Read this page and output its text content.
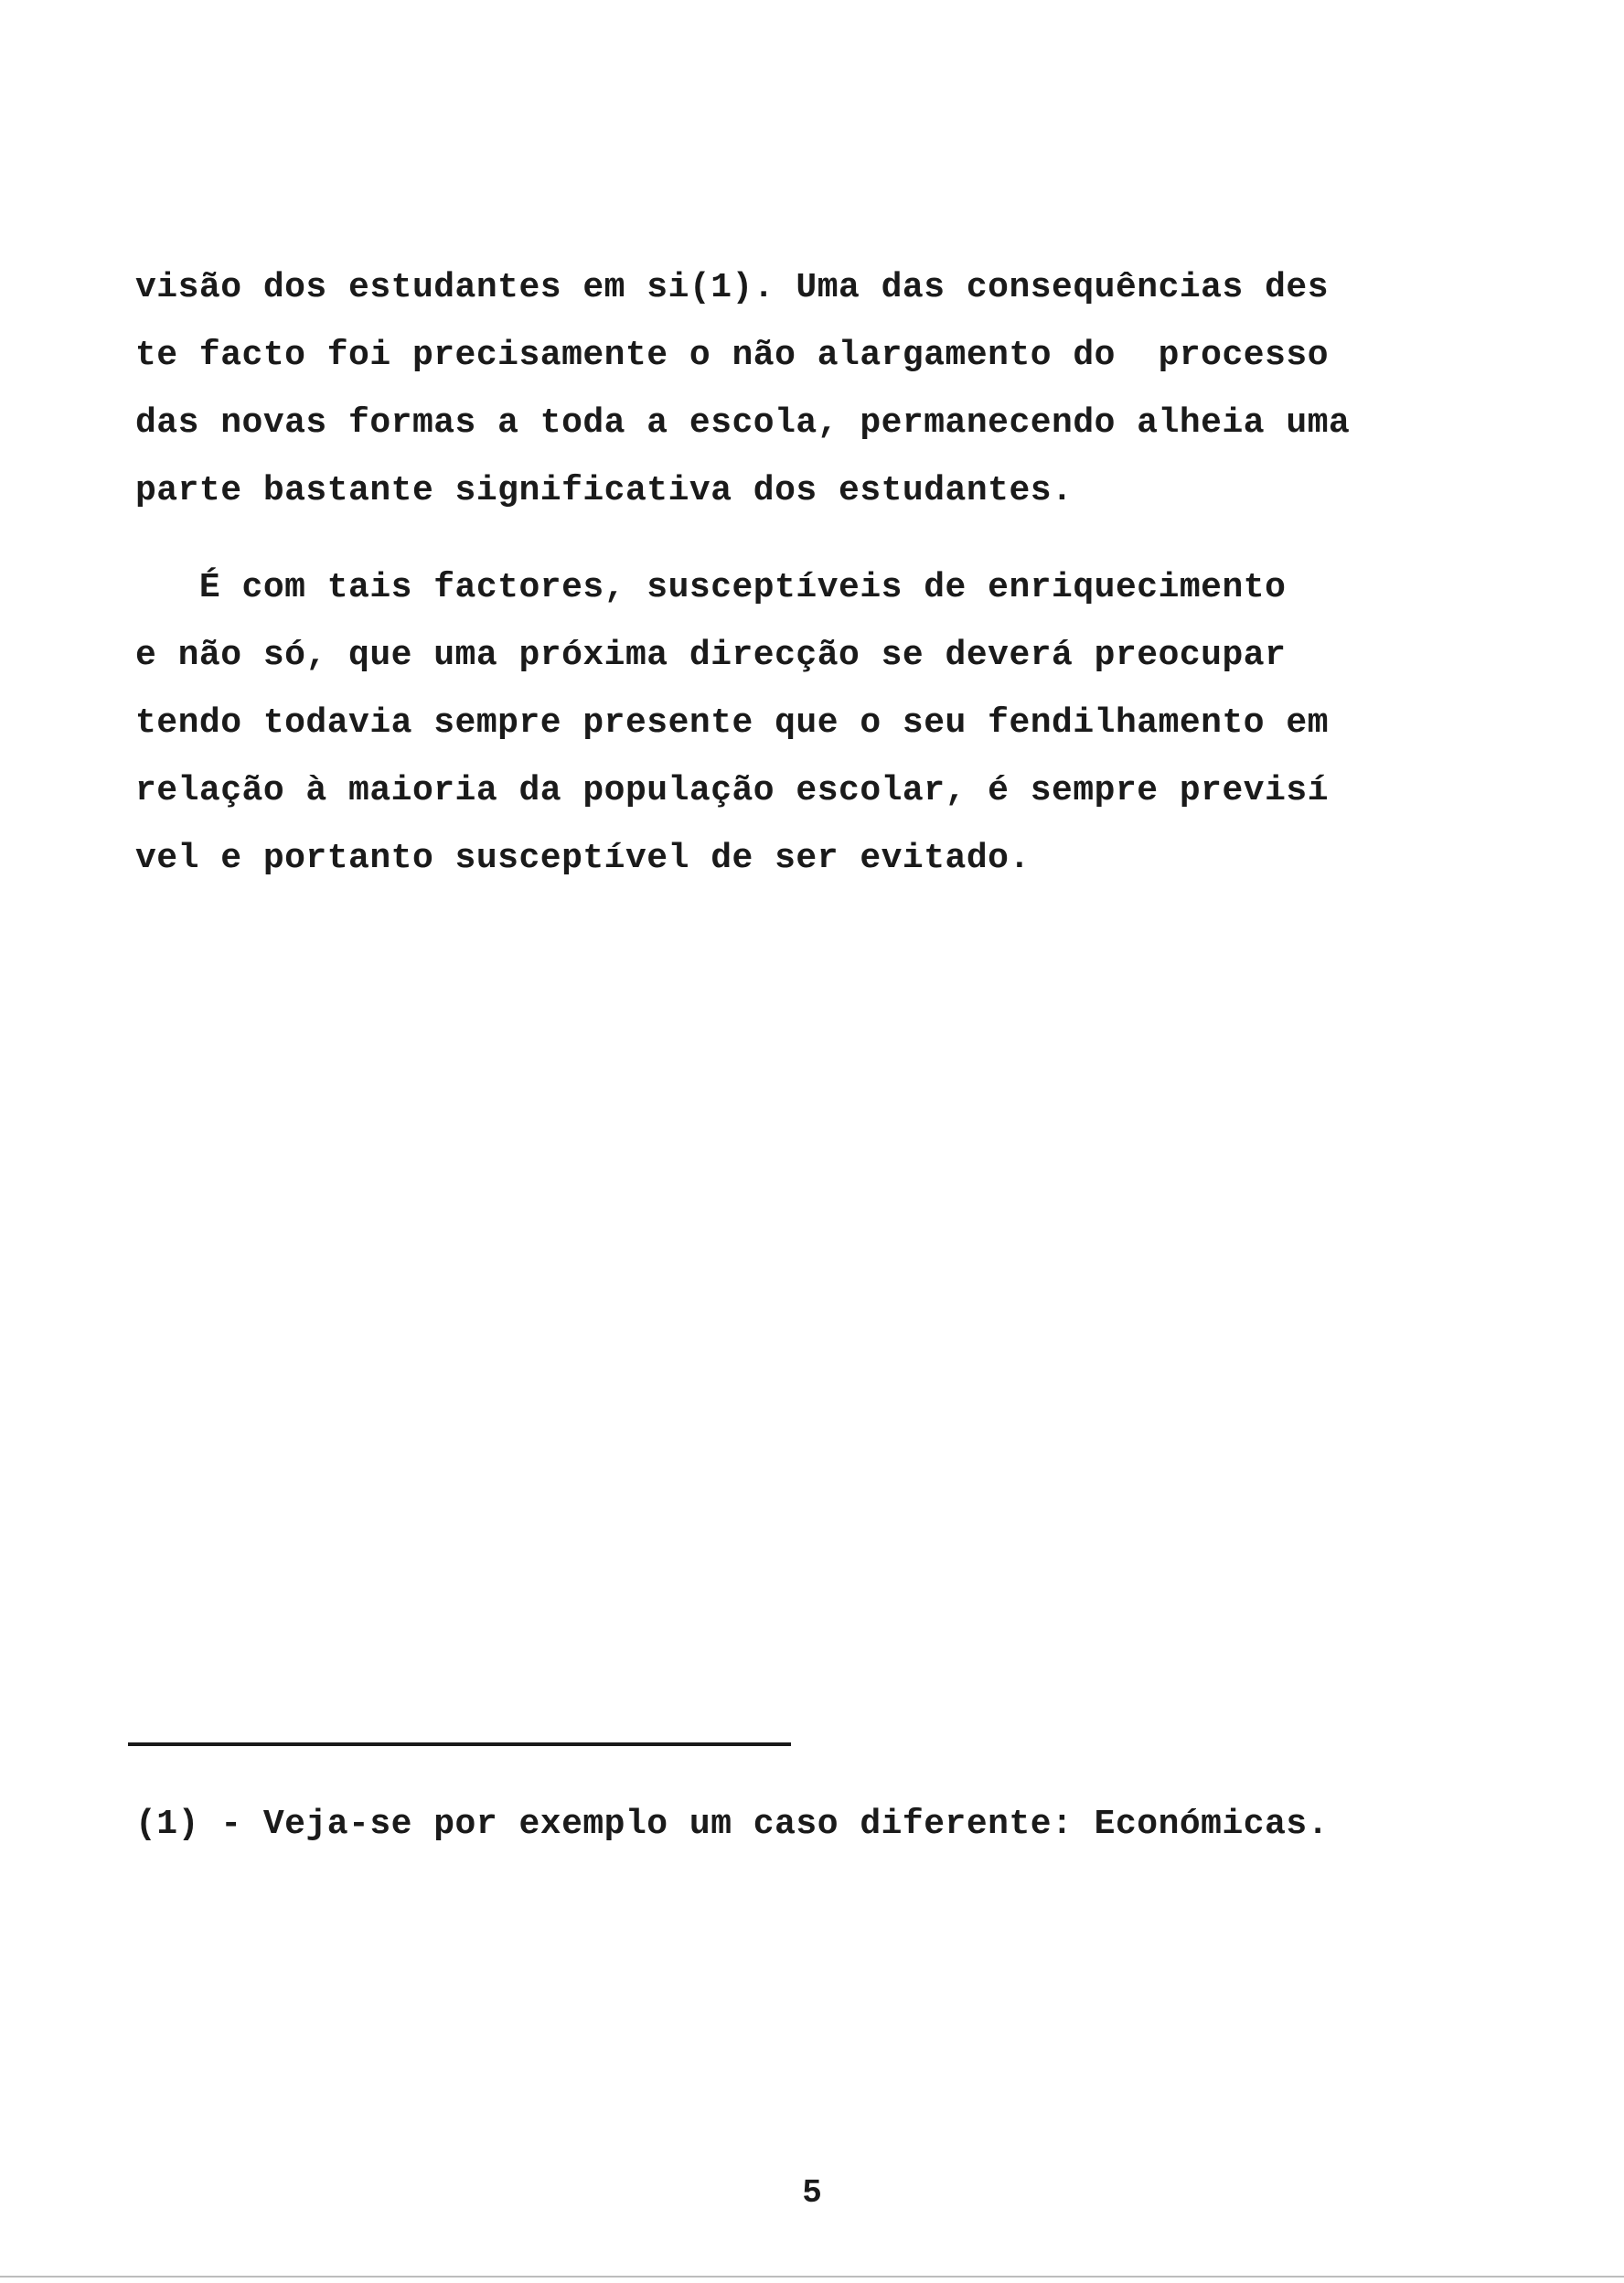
visão dos estudantes em si(1). Uma das consequências des
te facto foi precisamente o não alargamento do  processo
das novas formas a toda a escola, permanecendo alheia uma
parte bastante significativa dos estudantes.
É com tais factores, susceptíveis de enriquecimento
e não só, que uma próxima direcção se deverá preocupar
tendo todavia sempre presente que o seu fendilhamento em
relação à maioria da população escolar, é sempre previsí
vel e portanto susceptível de ser evitado.
(1) - Veja-se por exemplo um caso diferente: Económicas.
5
